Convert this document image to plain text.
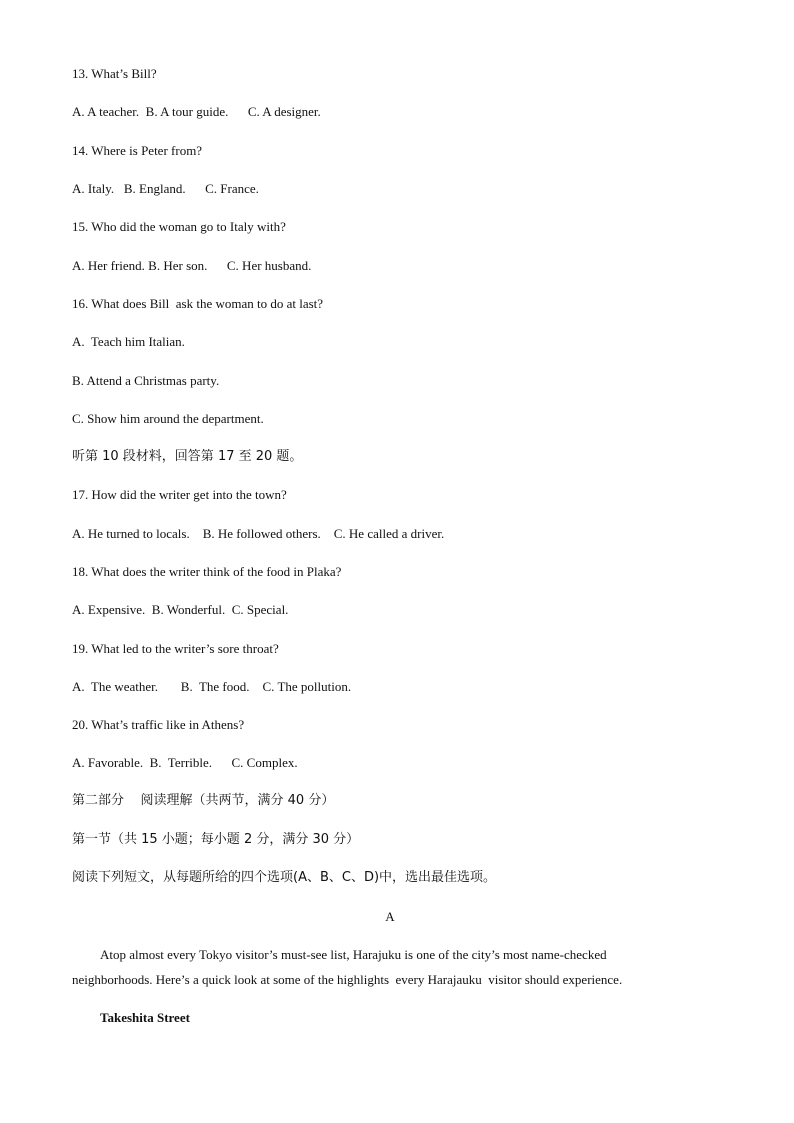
13. What’s Bill?
A. A teacher.  B. A tour guide.      C. A designer.
14. Where is Peter from?
A. Italy.   B. England.      C. France.
15. Who did the woman go to Italy with?
A. Her friend. B. Her son.      C. Her husband.
16. What does Bill  ask the woman to do at last?
A.  Teach him Italian.
B. Attend a Christmas party.
C. Show him around the department.
听第 10 段材料，回答第 17 至 20 题。
17. How did the writer get into the town?
A. He turned to locals.    B. He followed others.    C. He called a driver.
18. What does the writer think of the food in Plaka?
A. Expensive.  B. Wonderful.  C. Special.
19. What led to the writer’s sore throat?
A.  The weather.       B.  The food.    C. The pollution.
20. What’s traffic like in Athens?
A. Favorable.  B.  Terrible.      C. Complex.
第二部分    阅读理解（共两节，满分 40 分）
第一节（共 15 小题；每小题 2 分，满分 30 分）
阅读下列短文，从每题所给的四个选项(A、B、C、D)中，选出最佳选项。
A
Atop almost every Tokyo visitor’s must-see list, Harajuku is one of the city’s most name-checked
neighborhoods. Here’s a quick look at some of the highlights  every Harajauku  visitor should experience.
Takeshita Street
